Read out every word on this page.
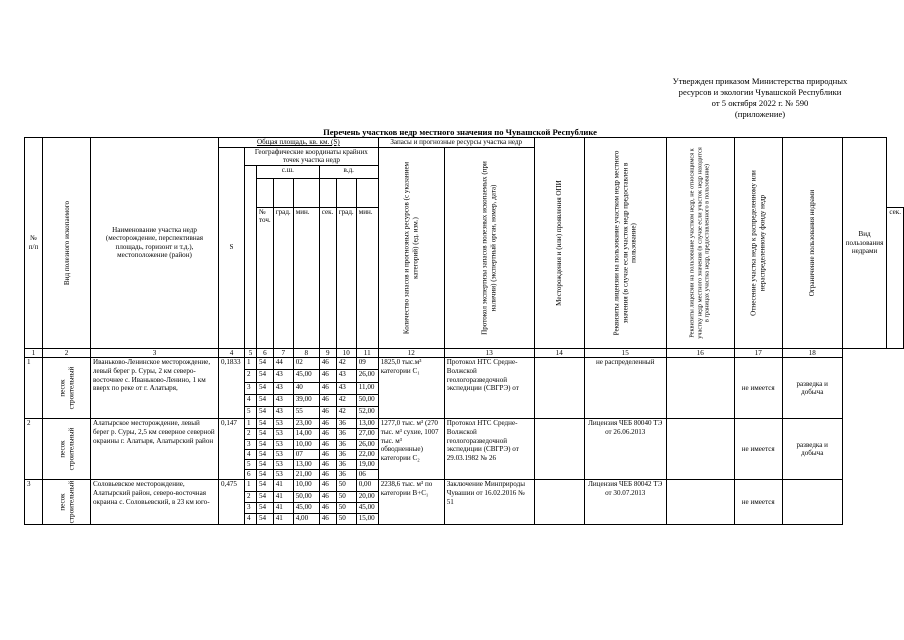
Утвержден приказом Министерства природных
ресурсов и экологии Чувашской Республики
от 5 октября 2022 г. № 590
(приложение)
Перечень участков недр местного значения по Чувашской Республике
№ п/п	Вид полезного ископаемого	Наименование участка недр (месторождение, перспективная площадь, горизонт и т.д.), местоположение (район)	Общая площадь, кв. км. (S)								Запасы и прогнозные ресурсы участка недр		Месторождения и (или) проявления ОПИ	Реквизиты лицензии на пользование участком недр местного значения (в случае если участок недр предоставлен в пользование)	Реквизиты лицензии на пользование участком недр, не относящимся к участку недр местного значения (в случае если участок недр находится в границах участка недр, предоставленного в пользование)	Отнесение участка недр к распределенному или нераспределенному фонду недр	Ограничение пользования недрами	Вид пользования недрами	
			S	Географические координаты крайних точек участка недр							Количество запасов и прогнозных ресурсов (с указанием категорий) (ед. изм.)	Протокол экспертизы запасов полезных ископаемых (при наличии) (экспертный орган, номер, дата)							

					с.ш.			в.д.											

					№ точ.	град.	мин.	сек.	град.	мин.									сек.
1	2	3	4	5	6	7	8	9	10	11	12	13	14	15	16	17	18		
1	песок строительный	Иваньково-Ленинское месторождение, левый берег р. Суры, 2 км северо-восточнее с. Иваньково-Ленино, 1 км вверх по реке от г. Алатыря,	0,1833	1	54	44	02	46	42	09	1825,0 тыс.м³ категории С₁	Протокол НТС Средне-Волжской геологоразведочной экспедиции (СВГРЭ) от		не распределенный		не имеется	разведка и добыча		
				2	54	43	45,00	46	43	26,00									
				3	54	43	40	46	43	11,00									
				4	54	43	39,00	46	42	50,00									
				5	54	43	55	46	42	52,00									
2	песок строительный	Алатырское месторождение, левый берег р. Суры, 2,5 км северное северной окраины г. Алатыря, Алатырский район	0,147	1	54	53	23,00	46	36	13,00	1277,0 тыс. м³ (270 тыс. м³ сухие, 1007 тыс. м³ обводненные) категории С₂	Протокол НТС Средне-Волжской геологоразведочной экспедиции (СВГРЭ) от 29.03.1982 № 26		Лицензия ЧЕБ 80040 ТЭ от 26.06.2013		не имеется	разведка и добыча		
				2	54	53	14,00	46	36	27,00									
				3	54	53	10,00	46	36	26,00									
				4	54	53	07	46	36	22,00									
				5	54	53	13,00	46	36	19,00									
				6	54	53	21,00	46	36	06									
3	песок строительный	Соловьевское месторождение, Алатырский район, северо-восточная окраина с. Соловьевский, в 23 км юго-	0,475	1	54	41	10,00	46	50	0,00	2238,6 тыс. м³ по категории В+С₁	Заключение Минприроды Чувашии от 16.02.2016 № 51		Лицензия ЧЕБ 80042 ТЭ от 30.07.2013		не имеется			
				2	54	41	50,00	46	50	20,00									
				3	54	41	45,00	46	50	45,00									
				4	54	41	4,00	46	50	15,00									
